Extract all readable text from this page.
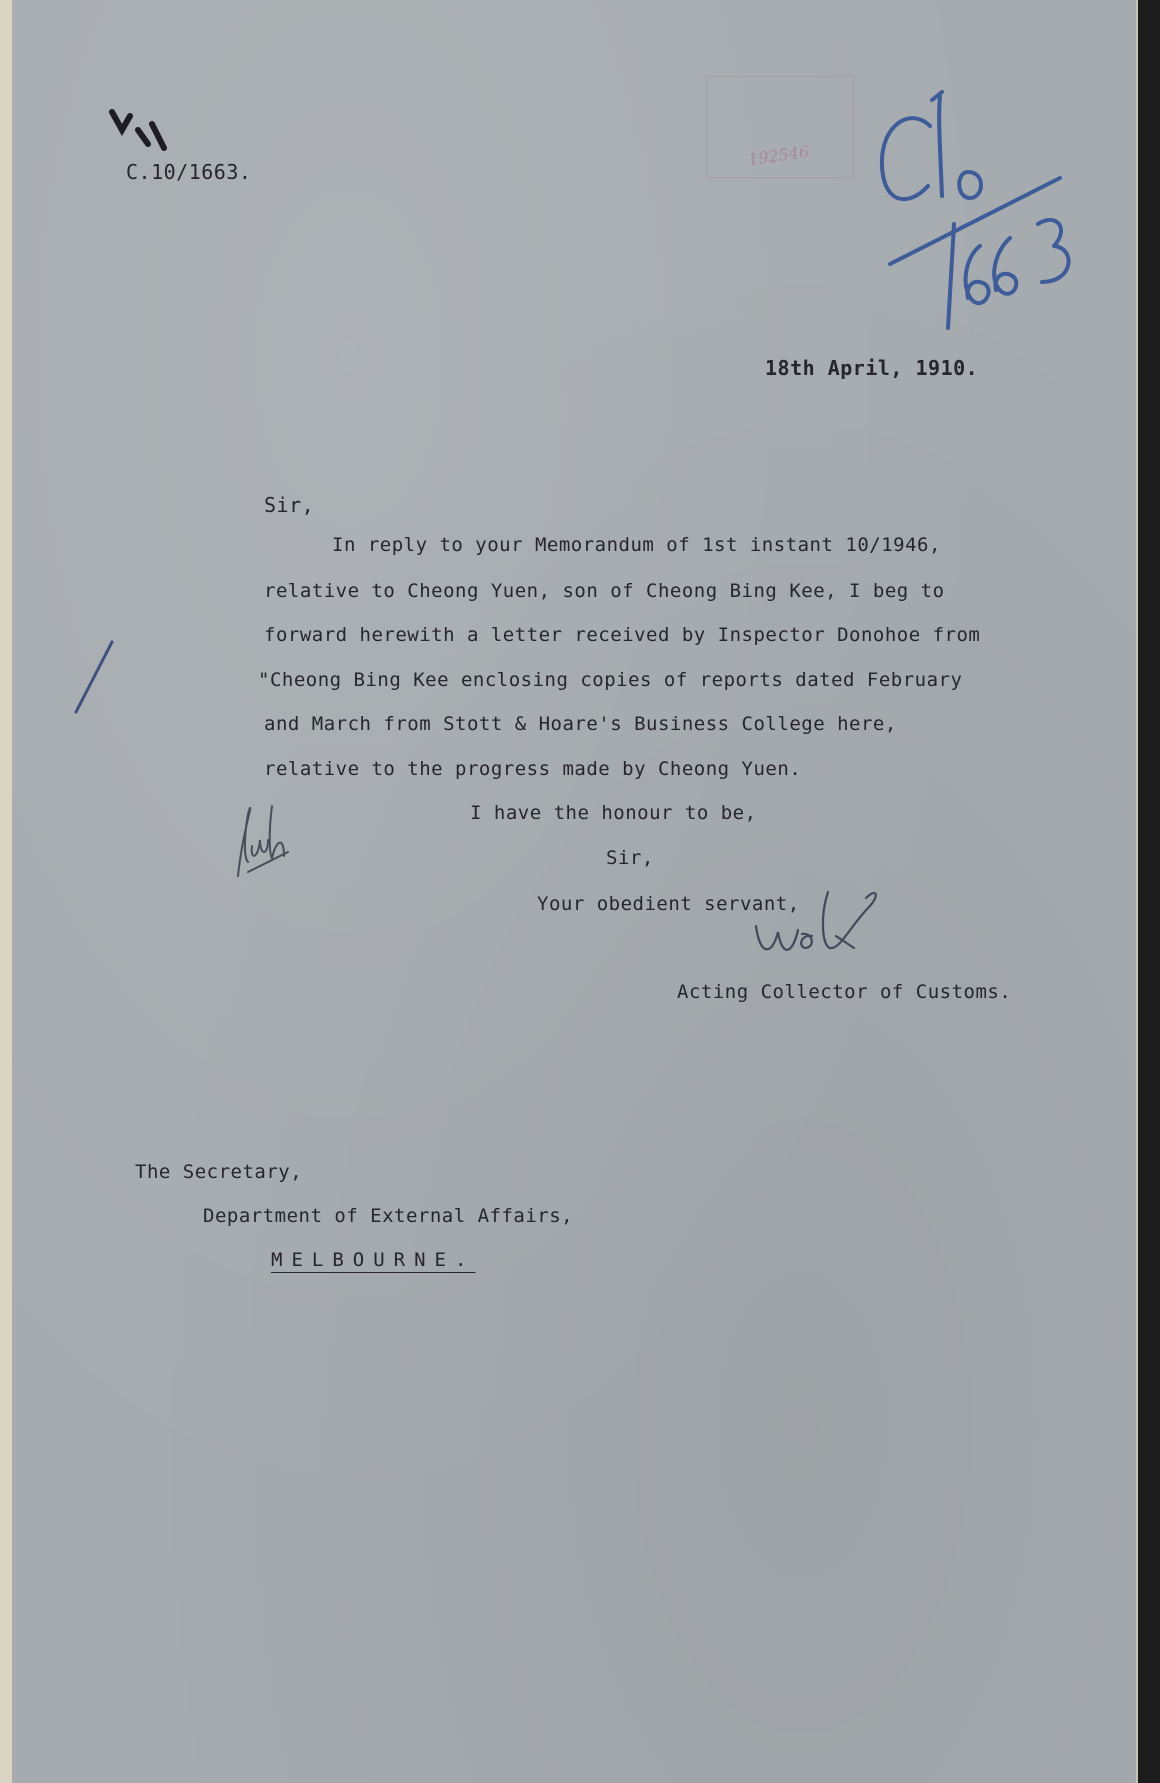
C.10/1663.
192546
18th April, 1910.
Sir,
In reply to your Memorandum of 1st instant 10/1946,
relative to Cheong Yuen, son of Cheong Bing Kee, I beg to
forward herewith a letter received by Inspector Donohoe from
"Cheong Bing Kee enclosing copies of reports dated February
and March from Stott & Hoare's Business College here,
relative to the progress made by Cheong Yuen.
I have the honour to be,
Sir,
Your obedient servant,
Acting Collector of Customs.
The Secretary,
Department of External Affairs,
MELBOURNE.
